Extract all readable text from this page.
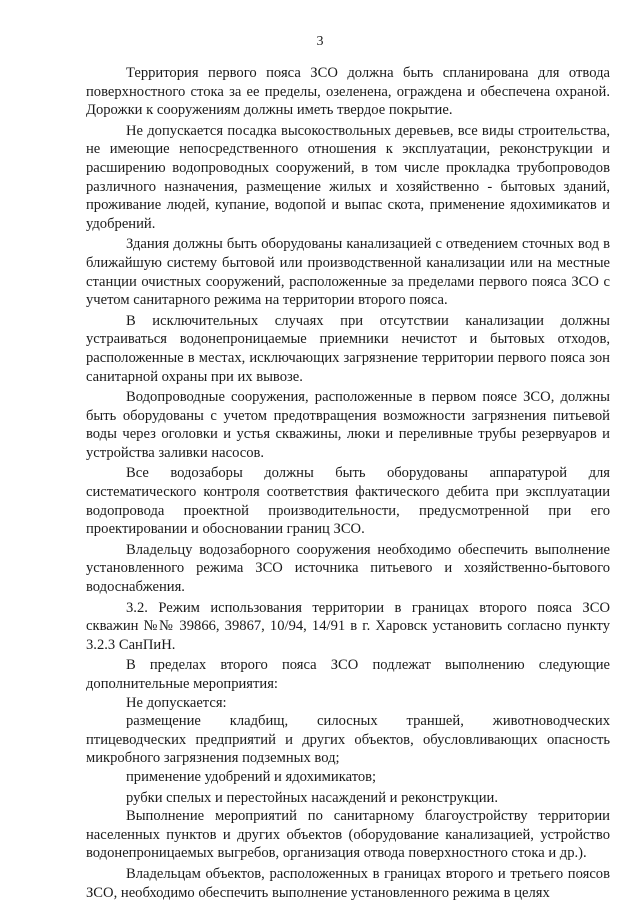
3

Территория первого пояса ЗСО должна быть спланирована для отвода поверхностного стока за ее пределы, озеленена, ограждена и обеспечена охраной. Дорожки к сооружениям должны иметь твердое покрытие.

Не допускается посадка высокоствольных деревьев, все виды строительства, не имеющие непосредственного отношения к эксплуатации, реконструкции и расширению водопроводных сооружений, в том числе прокладка трубопроводов различного назначения, размещение жилых и хозяйственно - бытовых зданий, проживание людей, купание, водопой и выпас скота, применение ядохимикатов и удобрений.

Здания должны быть оборудованы канализацией с отведением сточных вод в ближайшую систему бытовой или производственной канализации или на местные станции очистных сооружений, расположенные за пределами первого пояса ЗСО с учетом санитарного режима на территории второго пояса.

В исключительных случаях при отсутствии канализации должны устраиваться водонепроницаемые приемники нечистот и бытовых отходов, расположенные в местах, исключающих загрязнение территории первого пояса зон санитарной охраны при их вывозе.

Водопроводные сооружения, расположенные в первом поясе ЗСО, должны быть оборудованы с учетом предотвращения возможности загрязнения питьевой воды через оголовки и устья скважины, люки и переливные трубы резервуаров и устройства заливки насосов.

Все водозаборы должны быть оборудованы аппаратурой для систематического контроля соответствия фактического дебита при эксплуатации водопровода проектной производительности, предусмотренной при его проектировании и обосновании границ ЗСО.

Владельцу водозаборного сооружения необходимо обеспечить выполнение установленного режима ЗСО источника питьевого и хозяйственно-бытового водоснабжения.

3.2. Режим использования территории в границах второго пояса ЗСО скважин №№ 39866, 39867, 10/94, 14/91 в г. Харовск установить согласно пункту 3.2.3 СанПиН.

В пределах второго пояса ЗСО подлежат выполнению следующие дополнительные мероприятия:

Не допускается:

размещение кладбищ, силосных траншей, животноводческих птицеводческих предприятий и других объектов, обусловливающих опасность микробного загрязнения подземных вод;

применение удобрений и ядохимикатов;

рубки спелых и перестойных насаждений и реконструкции.

Выполнение мероприятий по санитарному благоустройству территории населенных пунктов и других объектов (оборудование канализацией, устройство водонепроницаемых выгребов, организация отвода поверхностного стока и др.).

Владельцам объектов, расположенных в границах второго и третьего поясов ЗСО, необходимо обеспечить выполнение установленного режима в целях
